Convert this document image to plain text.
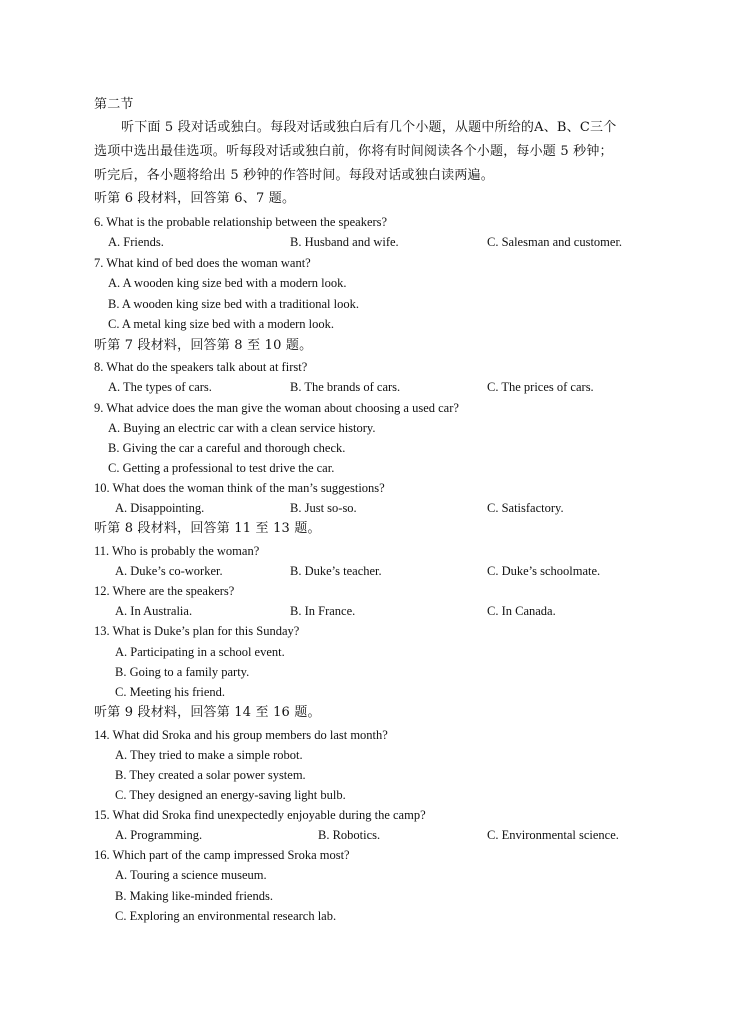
第二节
听下面 5 段对话或独白。每段对话或独白后有几个小题，从题中所给的A、B、C三个
选项中选出最佳选项。听每段对话或独白前，你将有时间阅读各个小题，每小题 5 秒钟；
听完后，各小题将给出 5 秒钟的作答时间。每段对话或独白读两遍。
听第 6 段材料，回答第 6、7 题。
6. What is the probable relationship between the speakers?
A. Friends.	B. Husband and wife.	C. Salesman and customer.
7. What kind of bed does the woman want?
A. A wooden king size bed with a modern look.
B. A wooden king size bed with a traditional look.
C. A metal king size bed with a modern look.
听第 7 段材料，回答第 8 至 10 题。
8. What do the speakers talk about at first?
A. The types of cars.	B. The brands of cars.	C. The prices of cars.
9. What advice does the man give the woman about choosing a used car?
A. Buying an electric car with a clean service history.
B. Giving the car a careful and thorough check.
C. Getting a professional to test drive the car.
10. What does the woman think of the man’s suggestions?
A. Disappointing.	B. Just so-so.	C. Satisfactory.
听第 8 段材料，回答第 11 至 13 题。
11. Who is probably the woman?
A. Duke’s co-worker.	B. Duke’s teacher.	C. Duke’s schoolmate.
12. Where are the speakers?
A. In Australia.	B. In France.	C. In Canada.
13. What is Duke’s plan for this Sunday?
A. Participating in a school event.
B. Going to a family party.
C. Meeting his friend.
听第 9 段材料，回答第 14 至 16 题。
14. What did Sroka and his group members do last month?
A. They tried to make a simple robot.
B. They created a solar power system.
C. They designed an energy-saving light bulb.
15. What did Sroka find unexpectedly enjoyable during the camp?
A. Programming.	B. Robotics.	C. Environmental science.
16. Which part of the camp impressed Sroka most?
A. Touring a science museum.
B. Making like-minded friends.
C. Exploring an environmental research lab.
